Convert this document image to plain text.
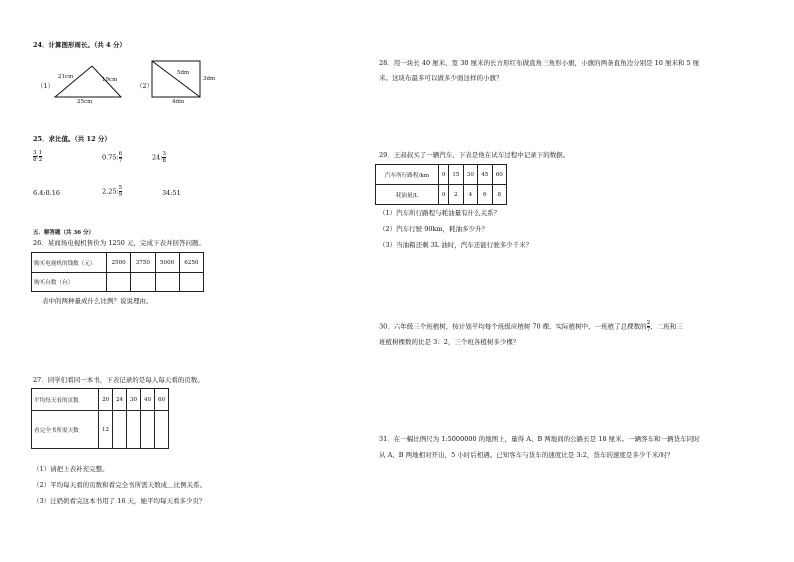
24．计算图形周长。（共 4 分）
（1）
21cm	19cm
25cm
（2）
5dm
3dm
4dm
25．求比值。（共 12 分）
$\frac{3}{8}$ : $\frac{1}{2}$	0.75: $\frac{6}{7}$	24: $\frac{3}{8}$
6.4:0.16	2.25: $\frac{5}{9}$	34:51
五．解答题（共 36 分）
26．某商场电视机售价为 1250 元，完成下表并回答问题。
购买电视机的钱数（元）	2500	3750	5000	6250
购买台数（台）				
表中的两种量成什么比例？说说理由。
27．同学们看同一本书，下表记录的是每人每天看的页数。
平均每天看的页数	20	24	30	40	60
看完全书所需天数	12				
（1）请把上表补充完整。
（2）平均每天看的页数和看完全书所需天数成＿比例关系。
（3）汪奶奶看完这本书用了 16 天，她平均每天看多少页？
28．用一块长 40 厘米、宽 30 厘米的长方形红布做直角三角形小旗，小旗的两条直角边分别是 10 厘米和 5 厘
米。这块布最多可以做多少面这样的小旗？
29．王叔叔买了一辆汽车，下表是他在试车过程中记录下的数据。
汽车所行路程/km	0	15	30	45	60
耗油量/L	0	2	4	6	8
（1）汽车所行路程与耗油量有什么关系？
（2）汽车行驶 90km，耗油多少升？
（3）当油箱还剩 3L 油时，汽车还能行驶多少千米？
30．六年级三个班植树，按计划平均每个班级应植树 70 棵，实际植树中，一班植了总棵数的 $\frac{2}{7}$ ，二班和三
班植树棵数的比是 3：2，三个班各植树多少棵？
31．在一幅比例尺为 1:5000000 的地图上，量得 A、B 两地间的公路长是 18 厘米。一辆客车和一辆货车同时
从 A、B 两地相对开出，5 小时后相遇。已知客车与货车的速度比是 3:2，货车的速度是多少千米/时？
